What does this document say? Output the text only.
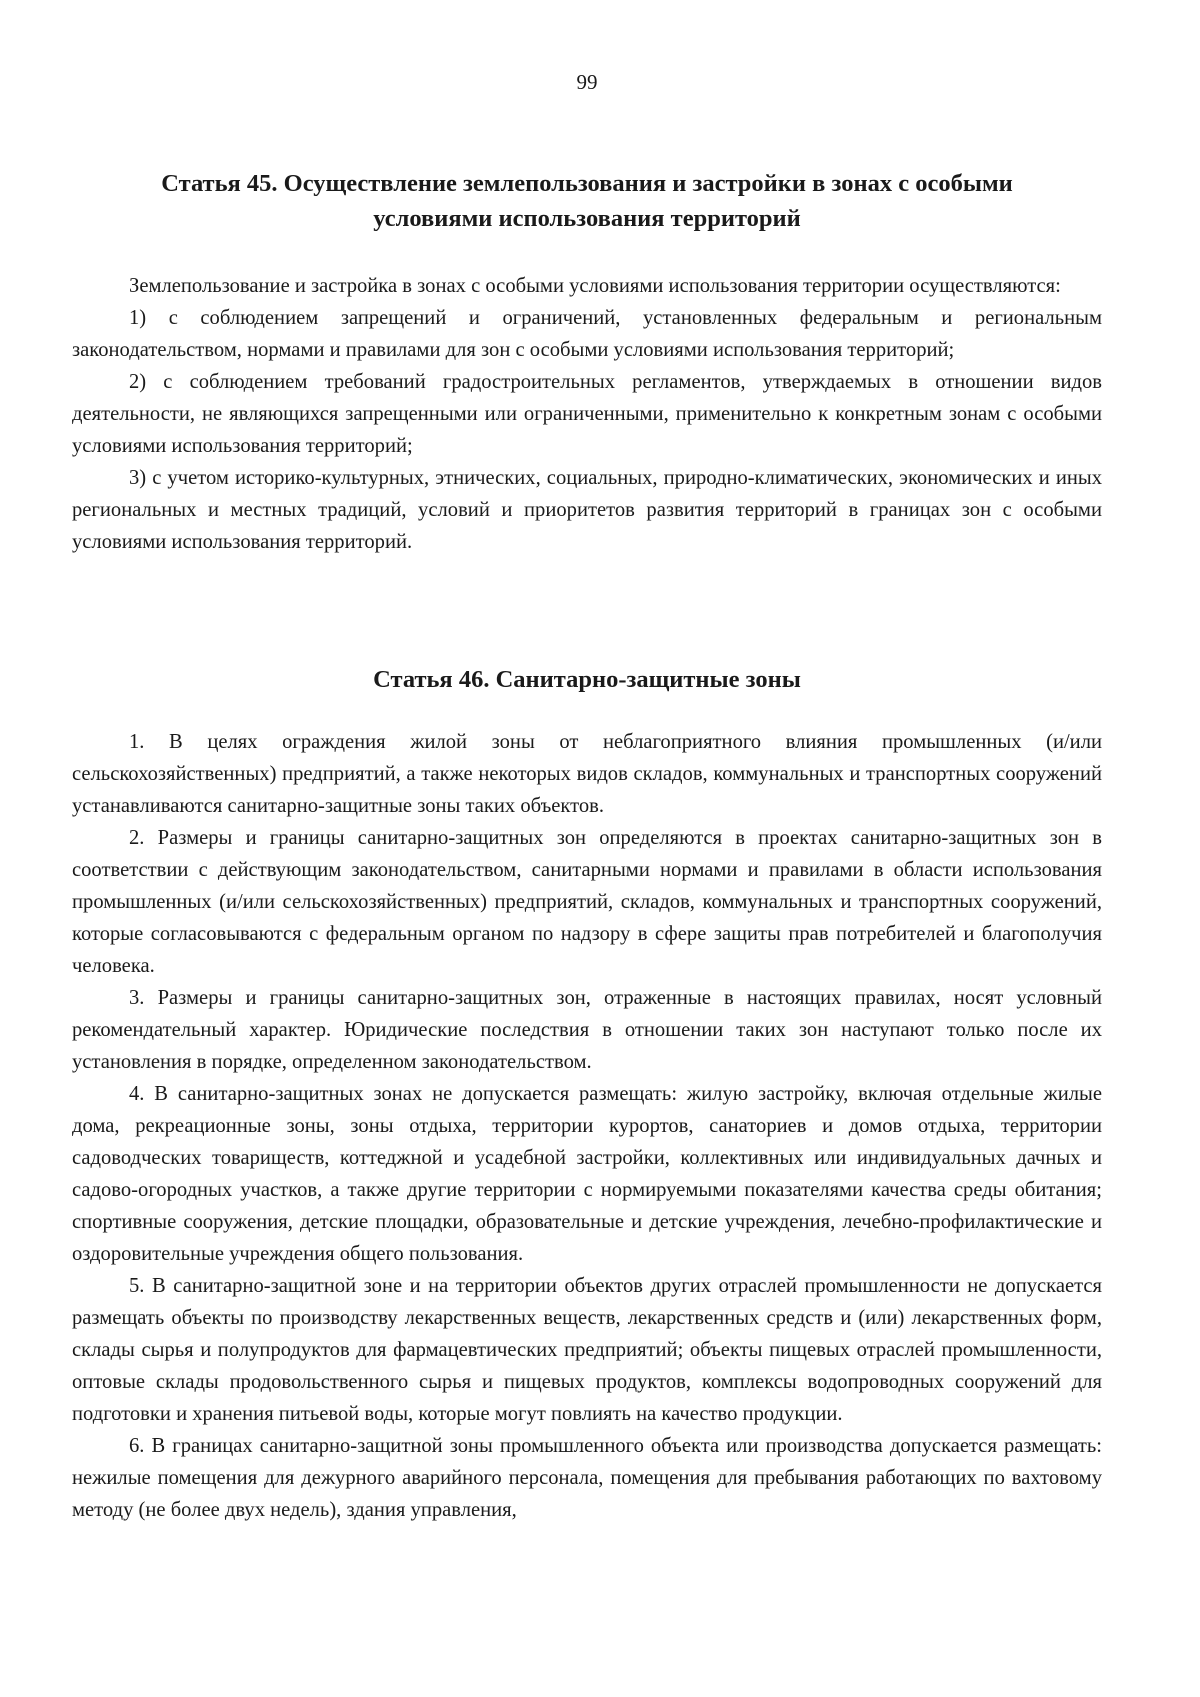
99
Статья 45. Осуществление землепользования и застройки в зонах с особыми
условиями использования территорий

Землепользование и застройка в зонах с особыми условиями использования территории осуществляются:

1) с соблюдением запрещений и ограничений, установленных федеральным и региональным законодательством, нормами и правилами для зон с особыми условиями использования территорий;

2) с соблюдением требований градостроительных регламентов, утверждаемых в отношении видов деятельности, не являющихся запрещенными или ограниченными, применительно к конкретным зонам с особыми условиями использования территорий;

3) с учетом историко-культурных, этнических, социальных, природно-климатических, экономических и иных региональных и местных традиций, условий и приоритетов развития территорий в границах зон с особыми условиями использования территорий.

Статья 46. Санитарно-защитные зоны

1. В целях ограждения жилой зоны от неблагоприятного влияния промышленных (и/или сельскохозяйственных) предприятий, а также некоторых видов складов, коммунальных и транспортных сооружений устанавливаются санитарно-защитные зоны таких объектов.

2. Размеры и границы санитарно-защитных зон определяются в проектах санитарно-защитных зон в соответствии с действующим законодательством, санитарными нормами и правилами в области использования промышленных (и/или сельскохозяйственных) предприятий, складов, коммунальных и транспортных сооружений, которые согласовываются с федеральным органом по надзору в сфере защиты прав потребителей и благополучия человека.

3. Размеры и границы санитарно-защитных зон, отраженные в настоящих правилах, носят условный рекомендательный характер. Юридические последствия в отношении таких зон наступают только после их установления в порядке, определенном законодательством.

4. В санитарно-защитных зонах не допускается размещать: жилую застройку, включая отдельные жилые дома, рекреационные зоны, зоны отдыха, территории курортов, санаториев и домов отдыха, территории садоводческих товариществ, коттеджной и усадебной застройки, коллективных или индивидуальных дачных и садово-огородных участков, а также другие территории с нормируемыми показателями качества среды обитания; спортивные сооружения, детские площадки, образовательные и детские учреждения, лечебно-профилактические и оздоровительные учреждения общего пользования.

5. В санитарно-защитной зоне и на территории объектов других отраслей промышленности не допускается размещать объекты по производству лекарственных веществ, лекарственных средств и (или) лекарственных форм, склады сырья и полупродуктов для фармацевтических предприятий; объекты пищевых отраслей промышленности, оптовые склады продовольственного сырья и пищевых продуктов, комплексы водопроводных сооружений для подготовки и хранения питьевой воды, которые могут повлиять на качество продукции.

6. В границах санитарно-защитной зоны промышленного объекта или производства допускается размещать: нежилые помещения для дежурного аварийного персонала, помещения для пребывания работающих по вахтовому методу (не более двух недель), здания управления,
